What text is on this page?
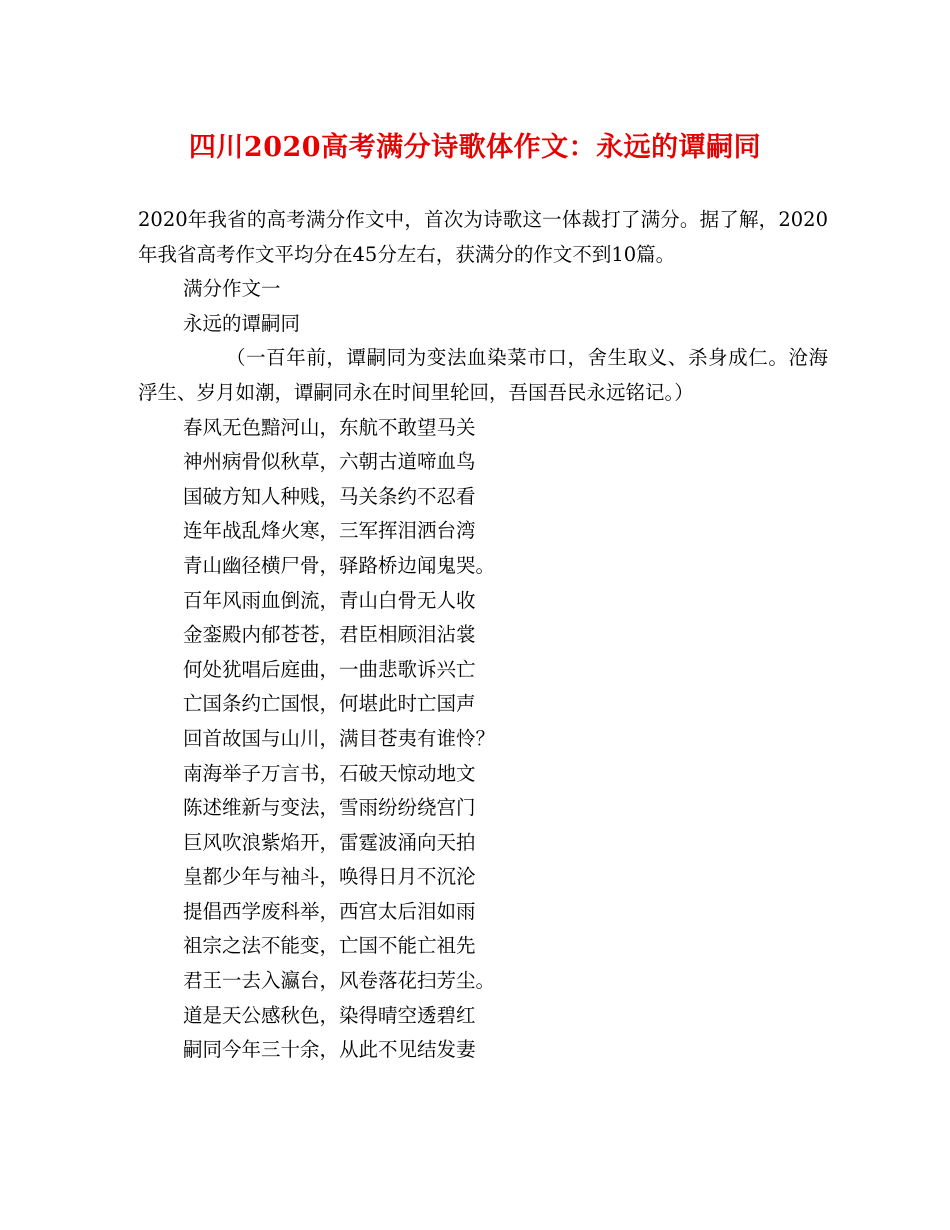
四川2020高考满分诗歌体作文：永远的谭嗣同

2020年我省的高考满分作文中，首次为诗歌这一体裁打了满分。据了解，2020年我省高考作文平均分在45分左右，获满分的作文不到10篇。

满分作文一

永远的谭嗣同

（一百年前，谭嗣同为变法血染菜市口，舍生取义、杀身成仁。沧海浮生、岁月如潮，谭嗣同永在时间里轮回，吾国吾民永远铭记。）

春风无色黯河山，东航不敢望马关

神州病骨似秋草，六朝古道啼血鸟

国破方知人种贱，马关条约不忍看

连年战乱烽火寒，三军挥泪洒台湾

青山幽径横尸骨，驿路桥边闻鬼哭。

百年风雨血倒流，青山白骨无人收

金銮殿内郁苍苍，君臣相顾泪沾裳

何处犹唱后庭曲，一曲悲歌诉兴亡

亡国条约亡国恨，何堪此时亡国声

回首故国与山川，满目苍夷有谁怜？

南海举子万言书，石破天惊动地文

陈述维新与变法，雪雨纷纷绕宫门

巨风吹浪紫焰开，雷霆波涌向天拍

皇都少年与袖斗，唤得日月不沉沦

提倡西学废科举，西宫太后泪如雨

祖宗之法不能变，亡国不能亡祖先

君王一去入瀛台，风卷落花扫芳尘。

道是天公感秋色，染得晴空透碧红

嗣同今年三十余，从此不见结发妻
